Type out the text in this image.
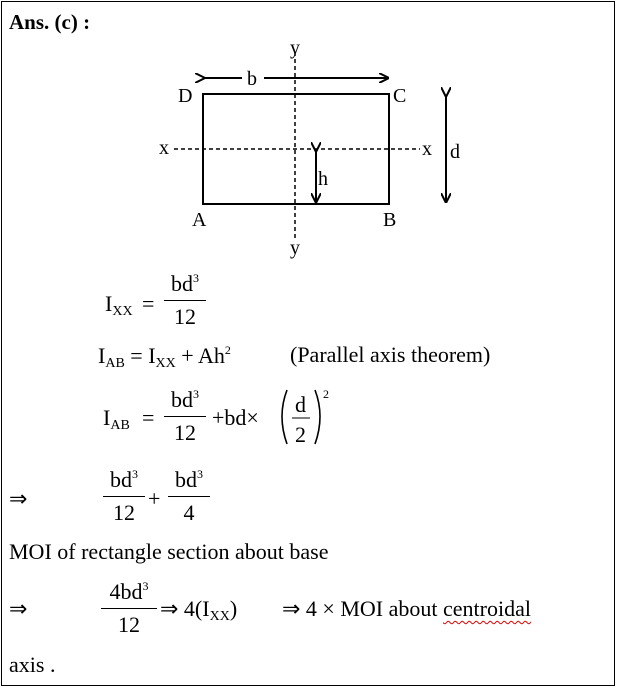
Ans. (c) :
D	C
A	B
b
d
h
x	x
y
y
$I_{XX}$ =
$bd^3$
12
$I_{AB} = I_{XX} + Ah^2$	(Parallel axis theorem)
$I_{AB}$ =
$bd^3$
12
+bd×
d
2
2
⇒
$bd^3$
12
+
$bd^3$
4
MOI of rectangle section about base
⇒
$4bd^3$
12
⇒ $4(I_{XX})$ ⇒ 4 × MOI about centroidal
axis .
